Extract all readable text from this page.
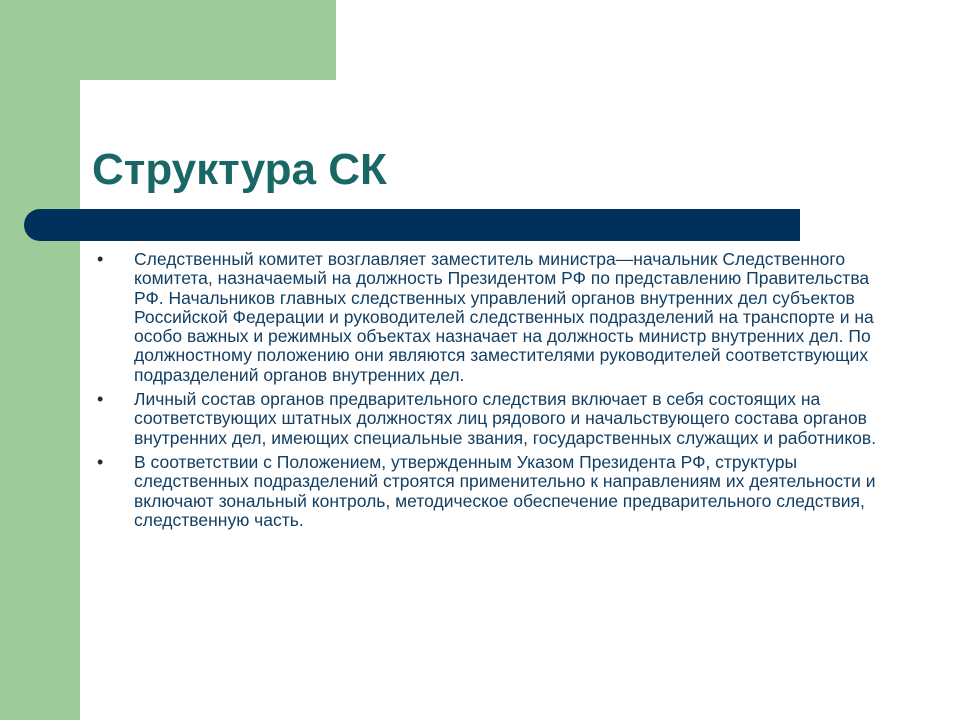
Структура СК
• Следственный комитет возглавляет заместитель министра—начальник Следственного комитета, назначаемый на должность Президентом РФ по представлению Правительства РФ. Начальников главных следственных управлений органов внутренних дел субъектов Российской Федерации и руководителей следственных подразделений на транспорте и на особо важных и режимных объектах назначает на должность министр внутренних дел. По должностному положению они являются заместителями руководителей соответствующих подразделений органов внутренних дел.
• Личный состав органов предварительного следствия включает в себя состоящих на соответствующих штатных должностях лиц рядового и начальствующего состава органов внутренних дел, имеющих специальные звания, государственных служащих и работников.
• В соответствии с Положением, утвержденным Указом Президента РФ, структуры следственных подразделений строятся применительно к направлениям их деятельности и включают зональный контроль, методическое обеспечение предварительного следствия, следственную часть.
